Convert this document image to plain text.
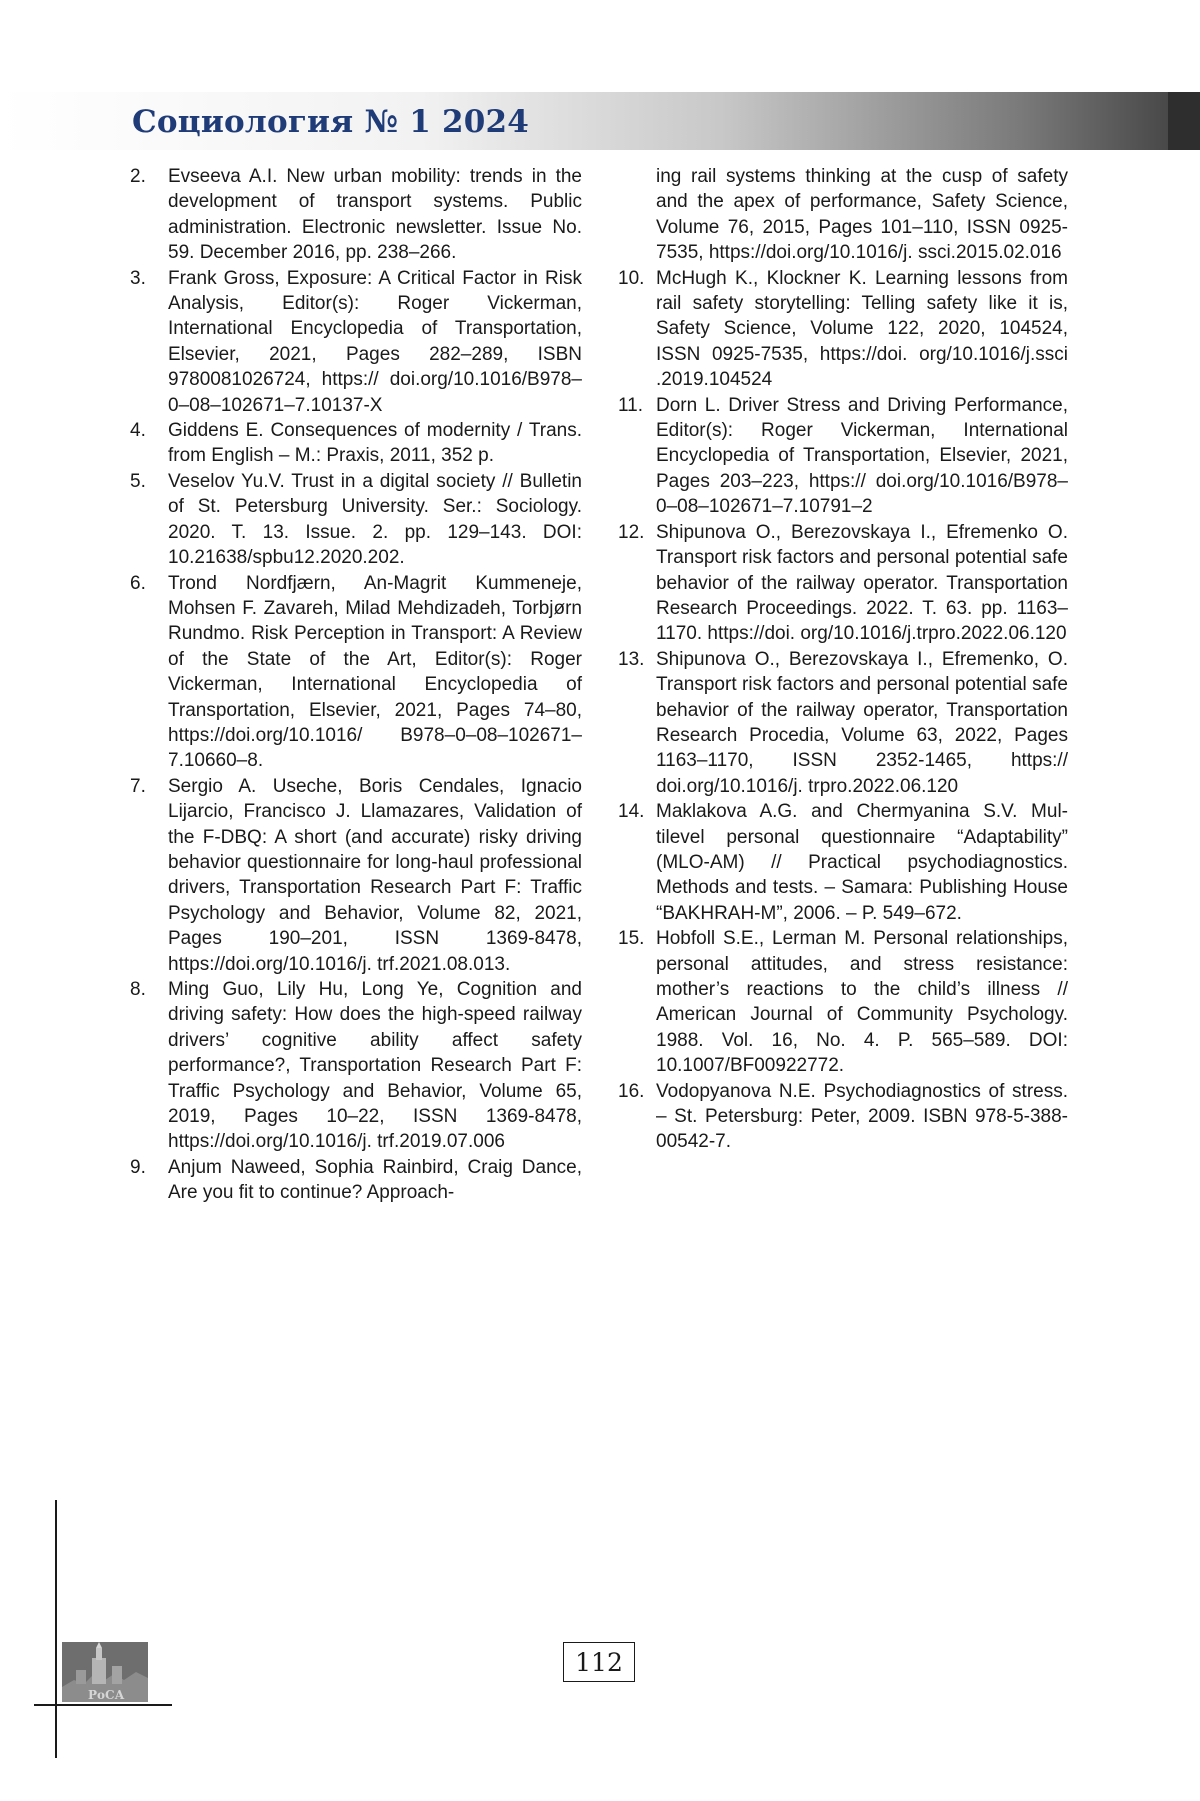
Социология № 1 2024
2. Evseeva A.I. New urban mobility: trends in the development of transport systems. Pub­lic administration. Electronic newsletter. Is­sue No. 59. December 2016, pp. 238–266.
3. Frank Gross, Exposure: A Critical Fac­tor in Risk Analysis, Editor(s): Roger Vick­erman, International Encyclopedia of Transportation, Elsevier, 2021, Pages 282–289, ISBN 9780081026724, https:// doi.org/10.1016/B978–0–08–102671–7.10137-X
4. Giddens E. Consequences of moderni­ty / Trans. from English – M.: Praxis, 2011, 352 p.
5. Veselov Yu.V. Trust in a digital society // Bul­letin of St. Petersburg University. Ser.: Soci­ology. 2020. T. 13. Issue. 2. pp. 129–143. DOI: 10.21638/spbu12.2020.202.
6. Trond Nordfjærn, An-Magrit Kummene­je, Mohsen F. Zavareh, Milad Mehdiza­deh, Torbjørn Rundmo. Risk Perception in Transport: A Review of the State of the Art, Editor(s): Roger Vickerman, International Encyclopedia of Transportation, Elsevier, 2021, Pages 74–80, https://doi.org/10.1016/ B978–0–08–102671–7.10660–8.
7. Sergio A. Useche, Boris Cendales, Ignacio Lijarcio, Francisco J. Llamazares, Validation of the F-DBQ: A short (and accurate) risky driving behavior questionnaire for long-haul professional drivers, Transportation Re­search Part F: Traffic Psychology and Be­havior, Volume 82, 2021, Pages 190–201, ISSN 1369-8478, https://doi.org/10.1016/j. trf.2021.08.013.
8. Ming Guo, Lily Hu, Long Ye, Cognition and driving safety: How does the high-speed railway drivers’ cognitive ability af­fect safety performance?, Transportation Research Part F: Traffic Psychology and Behavior, Volume 65, 2019, Pages 10–22, ISSN 1369-8478, https://doi.org/10.1016/j. trf.2019.07.006
9. Anjum Naweed, Sophia Rainbird, Craig Dance, Are you fit to continue? Approach-
ing rail systems thinking at the cusp of safe­ty and the apex of performance, Safety Sci­ence, Volume 76, 2015, Pages 101–110, ISSN 0925-7535, https://doi.org/10.1016/j. ssci.2015.02.016
10. McHugh K., Klockner K. Learning lessons from rail safety storytelling: Telling safe­ty like it is, Safety Science, Volume 122, 2020, 104524, ISSN 0925-7535, https://doi. org/10.1016/j.ssci .2019.104524
11. Dorn L. Driver Stress and Driving Perfor­mance, Editor(s): Roger Vickerman, Inter­national Encyclopedia of Transportation, Elsevier, 2021, Pages 203–223, https:// doi.org/10.1016/B978–0–08–102671–7.10791–2
12. Shipunova O., Berezovskaya I., Efremen­ko O. Transport risk factors and personal potential safe behavior of the railway oper­ator. Transportation Research Proceedings. 2022. T. 63. pp. 1163–1170. https://doi. org/10.1016/j.trpro.2022.06.120
13. Shipunova O., Berezovskaya I., Efremen­ko, O. Transport risk factors and personal potential safe behavior of the railway op­erator, Transportation Research Proce­dia, Volume 63, 2022, Pages 1163–1170, ISSN 2352-1465, https:// doi.org/10.1016/j. trpro.2022.06.120
14. Maklakova A.G. and Chermyanina S.V. Mul­tilevel personal questionnaire “Adaptability” (MLO-AM) // Practical psychodiagnostics. Methods and tests. – Samara: Publishing House “BAKHRAH-M”, 2006. – P. 549–672.
15. Hobfoll S.E., Lerman M. Personal relation­ships, personal attitudes, and stress re­sistance: mother’s reactions to the child’s illness // American Journal of Community Psychology. 1988. Vol. 16, No. 4. P. 565–589. DOI: 10.1007/BF00922772.
16. Vodopyanova N.E. Psychodiagnostics of stress. – St. Petersburg: Peter, 2009. IS­BN 978-5-388-00542-7.
РоСА
112
